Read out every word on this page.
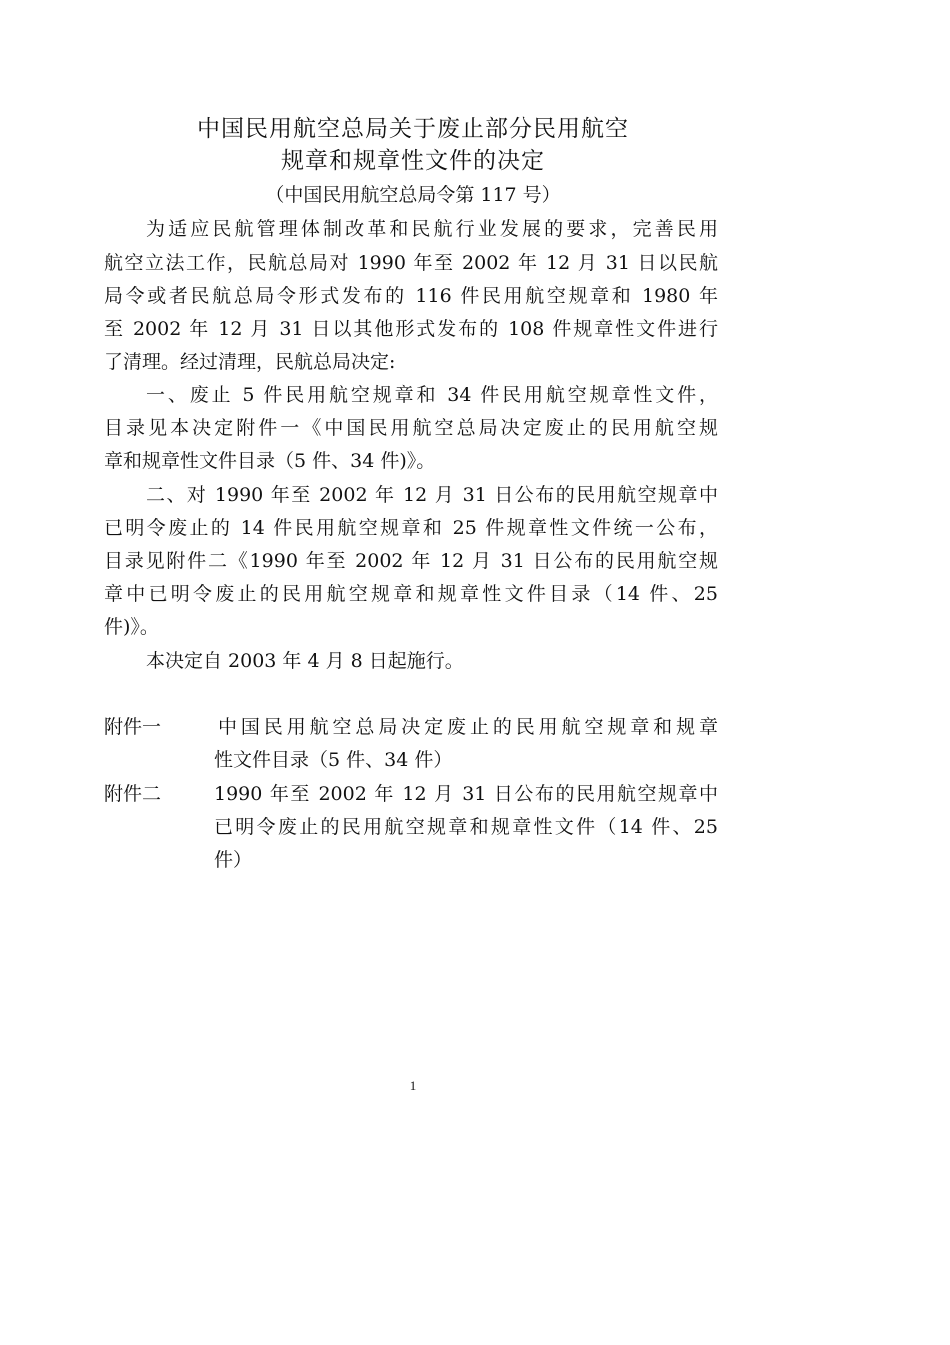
中国民用航空总局关于废止部分民用航空
规章和规章性文件的决定
（中国民用航空总局令第 117 号）
为适应民航管理体制改革和民航行业发展的要求，完善民用
航空立法工作，民航总局对 1990 年至 2002 年 12 月 31 日以民航
局令或者民航总局令形式发布的 116 件民用航空规章和 1980 年
至 2002 年 12 月 31 日以其他形式发布的 108 件规章性文件进行
了清理。经过清理，民航总局决定:
一、废止 5 件民用航空规章和 34 件民用航空规章性文件，
目录见本决定附件一《中国民用航空总局决定废止的民用航空规
章和规章性文件目录（5 件、34 件)》。
二、对 1990 年至 2002 年 12 月 31 日公布的民用航空规章中
已明令废止的 14 件民用航空规章和 25 件规章性文件统一公布，
目录见附件二《1990 年至 2002 年 12 月 31 日公布的民用航空规
章中已明令废止的民用航空规章和规章性文件目录（14 件、25
件)》。
本决定自 2003 年 4 月 8 日起施行。
附件一	中国民用航空总局决定废止的民用航空规章和规章
性文件目录（5 件、34 件）
附件二	1990 年至 2002 年 12 月 31 日公布的民用航空规章中
已明令废止的民用航空规章和规章性文件（14 件、25
件）
1
